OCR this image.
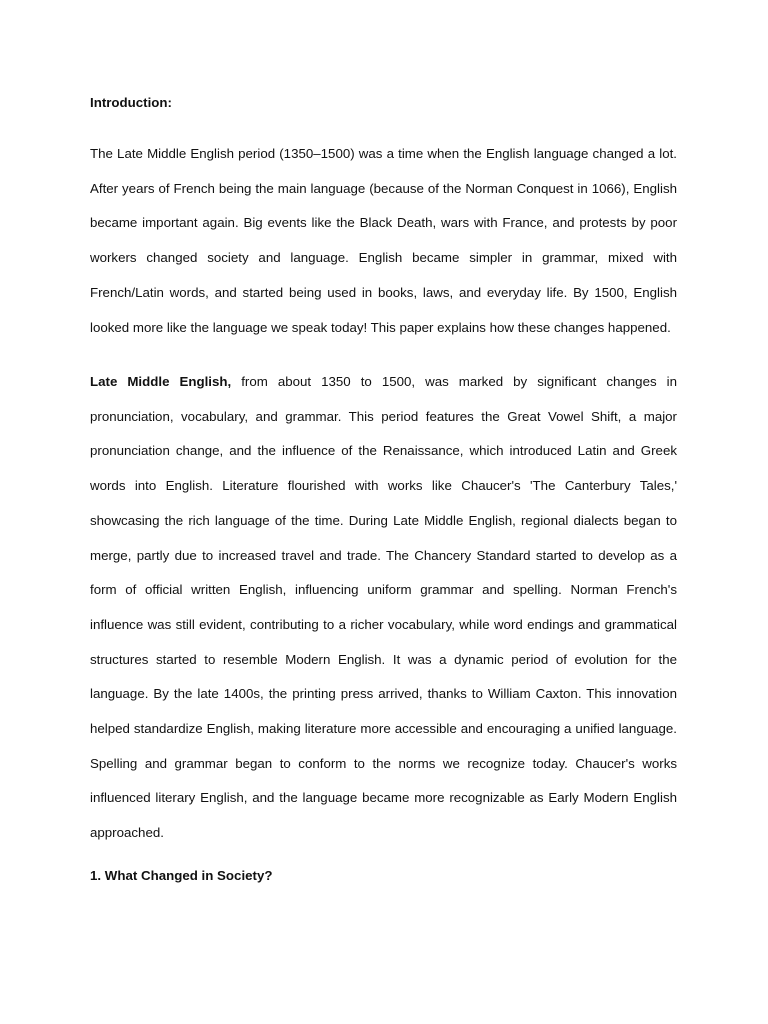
Introduction:

The Late Middle English period (1350–1500) was a time when the English language changed a lot. After years of French being the main language (because of the Norman Conquest in 1066), English became important again. Big events like the Black Death, wars with France, and protests by poor workers changed society and language. English became simpler in grammar, mixed with French/Latin words, and started being used in books, laws, and everyday life. By 1500, English looked more like the language we speak today! This paper explains how these changes happened.

Late Middle English, from about 1350 to 1500, was marked by significant changes in pronunciation, vocabulary, and grammar. This period features the Great Vowel Shift, a major pronunciation change, and the influence of the Renaissance, which introduced Latin and Greek words into English. Literature flourished with works like Chaucer's 'The Canterbury Tales,' showcasing the rich language of the time. During Late Middle English, regional dialects began to merge, partly due to increased travel and trade. The Chancery Standard started to develop as a form of official written English, influencing uniform grammar and spelling. Norman French's influence was still evident, contributing to a richer vocabulary, while word endings and grammatical structures started to resemble Modern English. It was a dynamic period of evolution for the language. By the late 1400s, the printing press arrived, thanks to William Caxton. This innovation helped standardize English, making literature more accessible and encouraging a unified language. Spelling and grammar began to conform to the norms we recognize today. Chaucer's works influenced literary English, and the language became more recognizable as Early Modern English approached.

1. What Changed in Society?
